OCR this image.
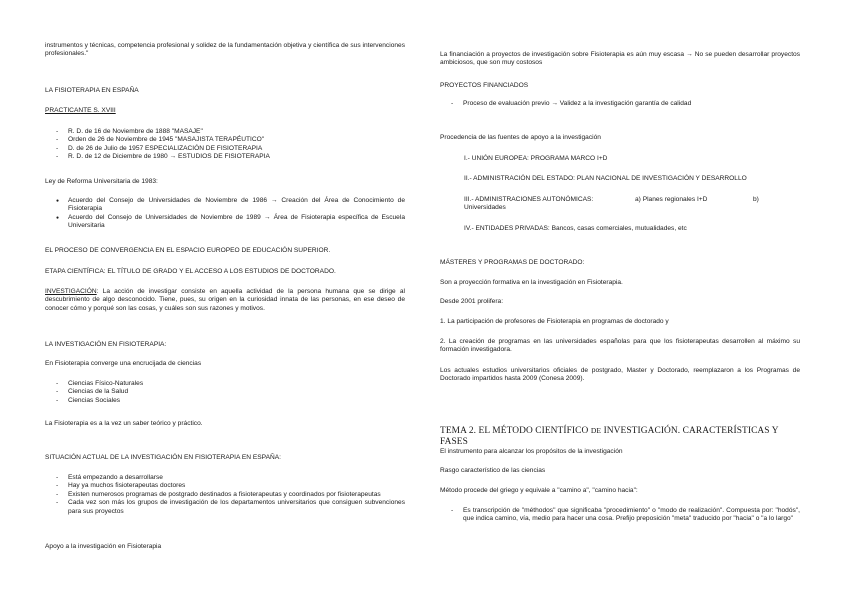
instrumentos y técnicas, competencia profesional y solidez de la fundamentación objetiva y científica de sus intervenciones profesionales."
LA FISIOTERAPIA EN ESPAÑA
PRACTICANTE S. XVIII
- R. D. de 16 de Noviembre de 1888 "MASAJE"
- Orden de 26 de Noviembre de 1945 "MASAJISTA TERAPÉUTICO"
- D. de 26 de Julio de 1957 ESPECIALIZACIÓN DE FISIOTERAPIA
- R. D. de 12 de Diciembre de 1980 → ESTUDIOS DE FISIOTERAPIA
Ley de Reforma Universitaria de 1983:
● Acuerdo del Consejo de Universidades de Noviembre de 1986 → Creación del Área de Conocimiento de Fisioterapia
● Acuerdo del Consejo de Universidades de Noviembre de 1989 → Área de Fisioterapia específica de Escuela Universitaria
EL PROCESO DE CONVERGENCIA EN EL ESPACIO EUROPEO DE EDUCACIÓN SUPERIOR.
ETAPA CIENTÍFICA: EL TÍTULO DE GRADO Y EL ACCESO A LOS ESTUDIOS DE DOCTORADO.
INVESTIGACIÓN: La acción de investigar consiste en aquella actividad de la persona humana que se dirige al descubrimiento de algo desconocido. Tiene, pues, su origen en la curiosidad innata de las personas, en ese deseo de conocer cómo y porqué son las cosas, y cuáles son sus razones y motivos.
LA INVESTIGACIÓN EN FISIOTERAPIA:
En Fisioterapia converge una encrucijada de ciencias
- Ciencias Físico-Naturales
- Ciencias de la Salud
- Ciencias Sociales
La Fisioterapia es a la vez un saber teórico y práctico.
SITUACIÓN ACTUAL DE LA INVESTIGACIÓN EN FISIOTERAPIA EN ESPAÑA:
- Está empezando a desarrollarse
- Hay ya muchos fisioterapeutas doctores
- Existen numerosos programas de postgrado destinados a fisioterapeutas y coordinados por fisioterapeutas
- Cada vez son más los grupos de investigación de los departamentos universitarios que consiguen subvenciones para sus proyectos
Apoyo a la investigación en Fisioterapia
La financiación a proyectos de investigación sobre Fisioterapia es aún muy escasa → No se pueden desarrollar proyectos ambiciosos, que son muy costosos
PROYECTOS FINANCIADOS
- Proceso de evaluación previo → Validez a la investigación garantía de calidad
Procedencia de las fuentes de apoyo a la investigación
I.- UNIÓN EUROPEA: PROGRAMA MARCO I+D
II.- ADMINISTRACIÓN DEL ESTADO: PLAN NACIONAL DE INVESTIGACIÓN Y DESARROLLO
III.- ADMINISTRACIONES AUTONÓMICAS:	a) Planes regionales I+D	b)
Universidades
IV.- ENTIDADES PRIVADAS: Bancos, casas comerciales, mutualidades, etc
MÁSTERES Y PROGRAMAS DE DOCTORADO:
Son a proyección formativa en la investigación en Fisioterapia.
Desde 2001 prolifera:
1. La participación de profesores de Fisioterapia en programas de doctorado y
2. La creación de programas en las universidades españolas para que los fisioterapeutas desarrollen al máximo su formación investigadora.
Los actuales estudios universitarios oficiales de postgrado, Master y Doctorado, reemplazaron a los Programas de Doctorado impartidos hasta 2009 (Conesa 2009).
TEMA 2. EL MÉTODO CIENTÍFICO DE INVESTIGACIÓN. CARACTERÍSTICAS Y FASES
El instrumento para alcanzar los propósitos de la investigación
Rasgo característico de las ciencias
Método procede del griego y equivale a "camino a", "camino hacia":
- Es transcripción de "méthodos" que significaba "procedimiento" o "modo de realización". Compuesta por: "hodós", que indica camino, vía, medio para hacer una cosa. Prefijo preposición "meta" traducido por "hacia" o "a lo largo"
